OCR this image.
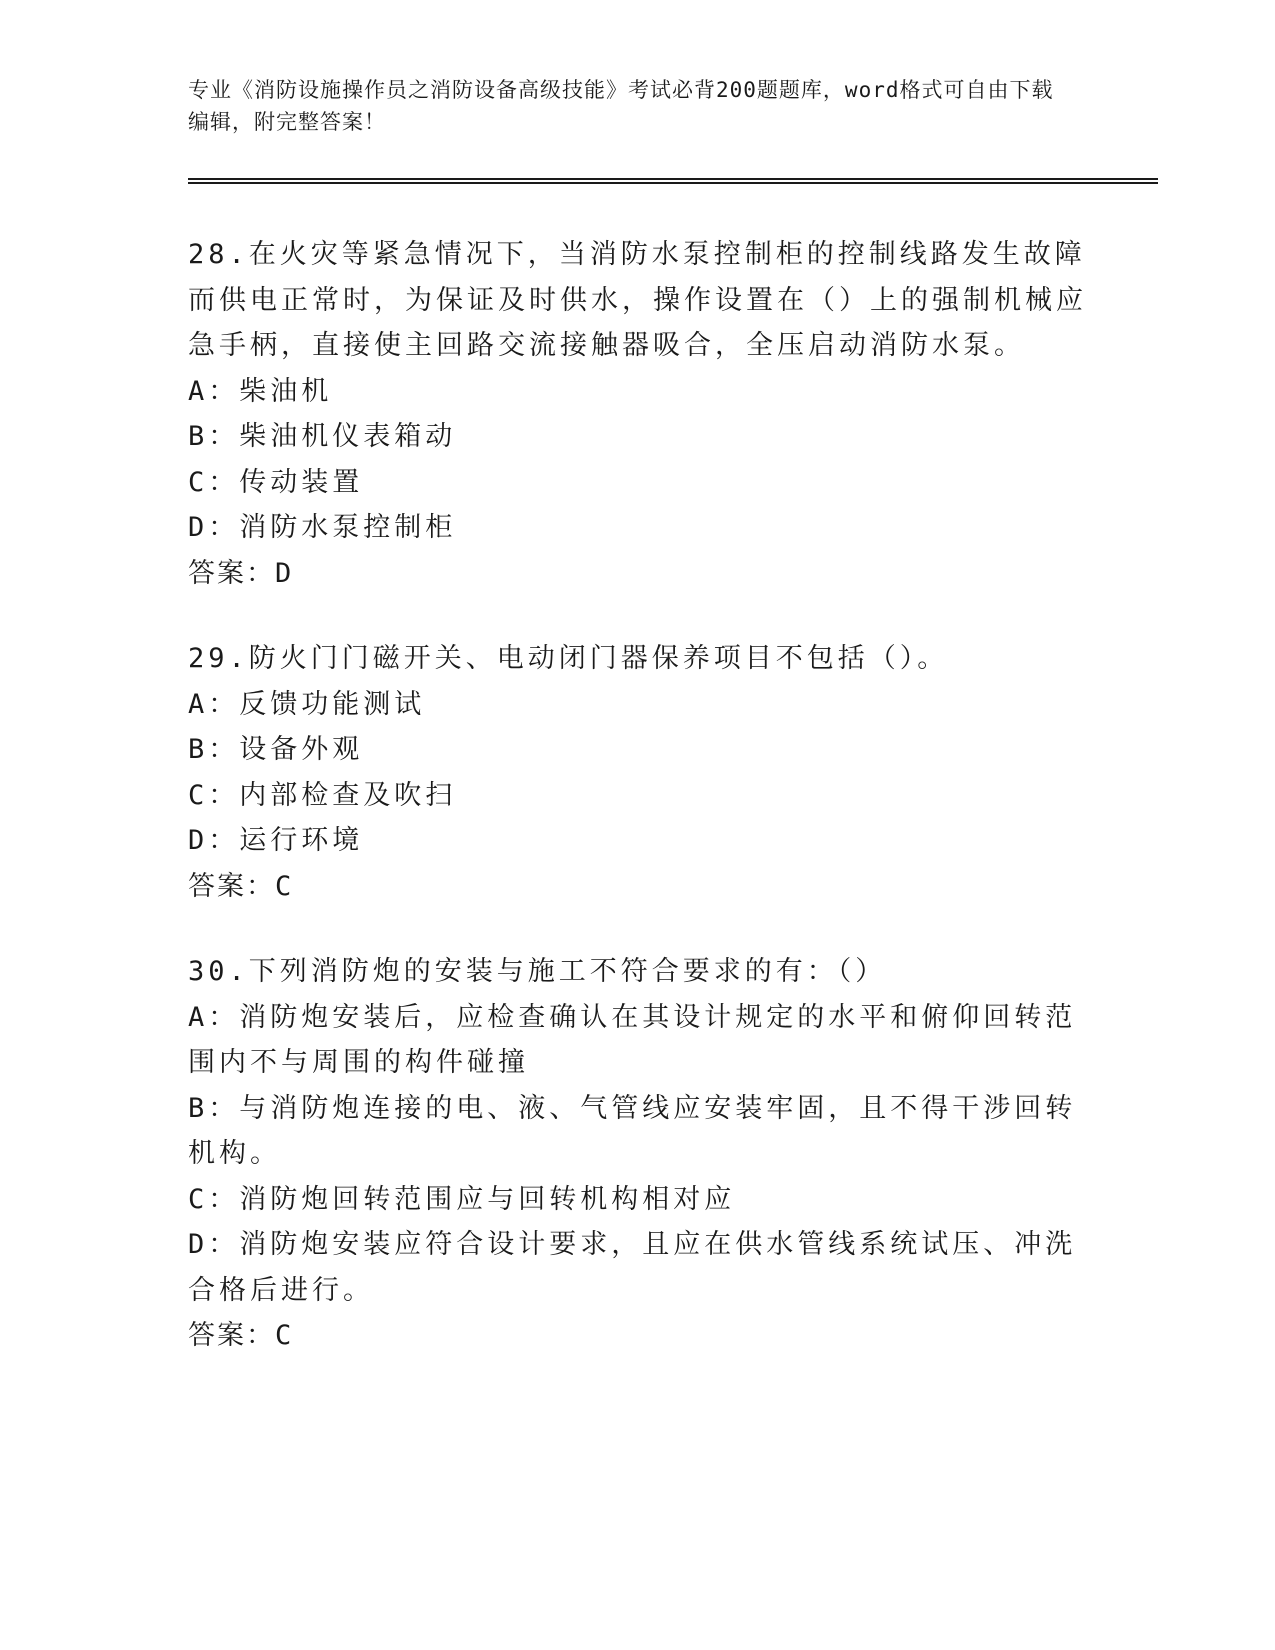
专业《消防设施操作员之消防设备高级技能》考试必背200题题库，word格式可自由下载编辑，附完整答案！

28.在火灾等紧急情况下，当消防水泵控制柜的控制线路发生故障而供电正常时，为保证及时供水，操作设置在（）上的强制机械应急手柄，直接使主回路交流接触器吸合，全压启动消防水泵。

A：柴油机

B：柴油机仪表箱动

C：传动装置

D：消防水泵控制柜

答案：D

29.防火门门磁开关、电动闭门器保养项目不包括（）。

A：反馈功能测试

B：设备外观

C：内部检查及吹扫

D：运行环境

答案：C

30.下列消防炮的安装与施工不符合要求的有：（）

A：消防炮安装后，应检查确认在其设计规定的水平和俯仰回转范围内不与周围的构件碰撞

B：与消防炮连接的电、液、气管线应安装牢固，且不得干涉回转机构。

C：消防炮回转范围应与回转机构相对应

D：消防炮安装应符合设计要求，且应在供水管线系统试压、冲洗合格后进行。

答案：C
